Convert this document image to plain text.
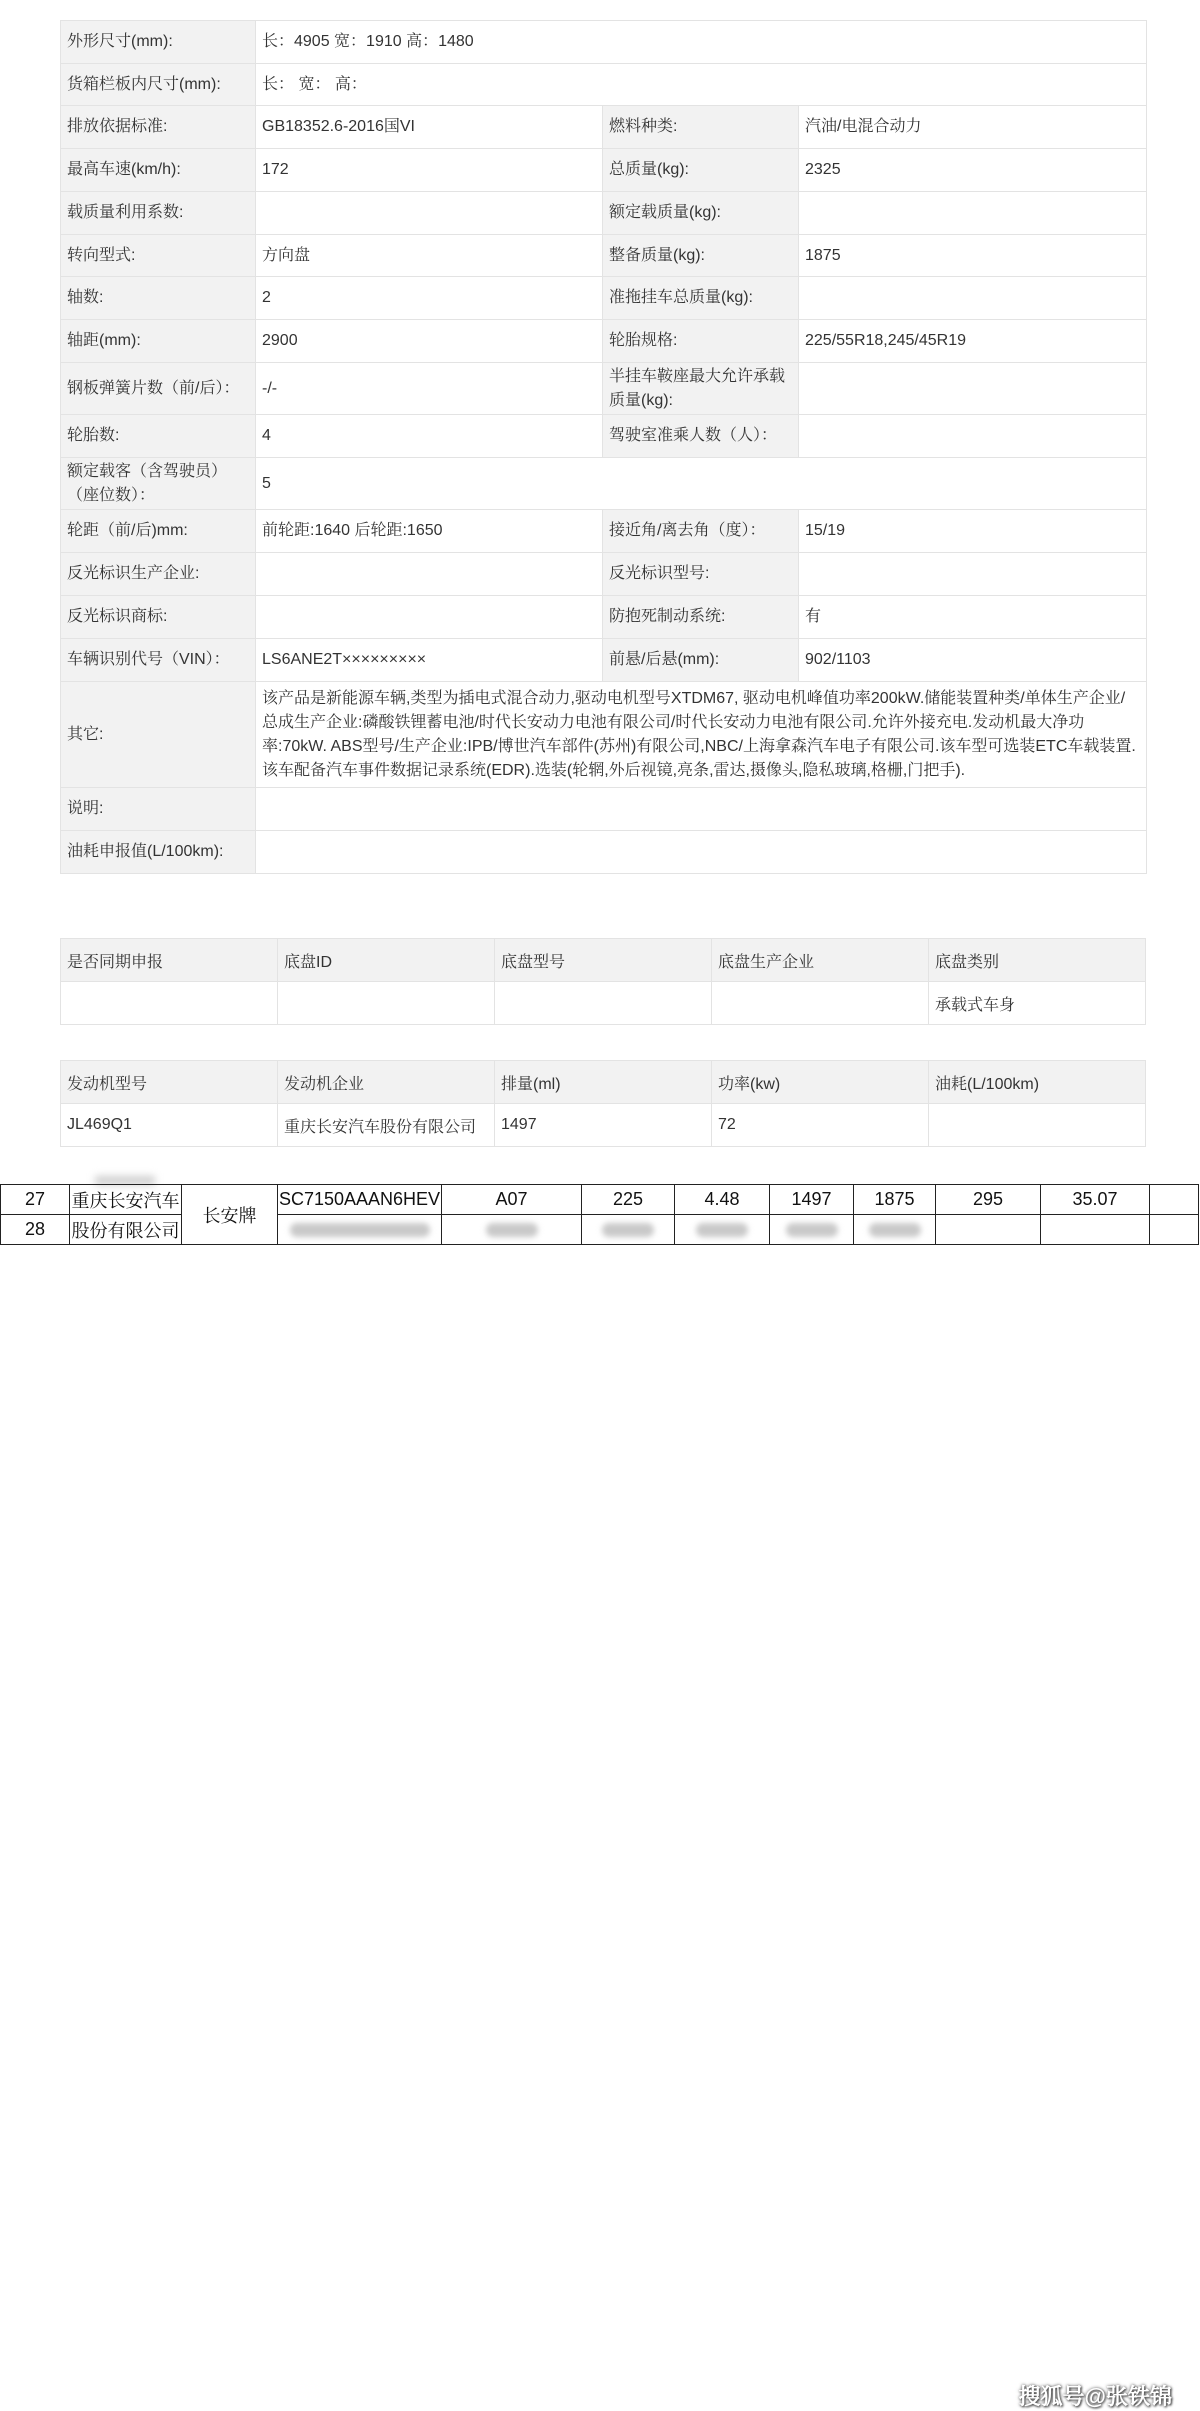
外形尺寸(mm):	长：4905 宽：1910 高：1480		
货箱栏板内尺寸(mm):	长： 宽： 高：		
排放依据标准:	GB18352.6-2016国VI	燃料种类:	汽油/电混合动力
最高车速(km/h):	172	总质量(kg):	2325
载质量利用系数:		额定载质量(kg):	
转向型式:	方向盘	整备质量(kg):	1875
轴数:	2	准拖挂车总质量(kg):	
轴距(mm):	2900	轮胎规格:	225/55R18,245/45R19
钢板弹簧片数（前/后）：	-/-	半挂车鞍座最大允许承载质量(kg):	
轮胎数:	4	驾驶室准乘人数（人）：	
额定载客（含驾驶员）（座位数）：	5		
轮距（前/后)mm:	前轮距:1640 后轮距:1650	接近角/离去角（度）：	15/19
反光标识生产企业:		反光标识型号:	
反光标识商标:		防抱死制动系统:	有
车辆识别代号（VIN）：	LS6ANE2T×××××××××	前悬/后悬(mm):	902/1103
其它:	该产品是新能源车辆,类型为插电式混合动力,驱动电机型号XTDM67, 驱动电机峰值功率200kW.储能装置种类/单体生产企业/总成生产企业:磷酸铁锂蓄电池/时代长安动力电池有限公司/时代长安动力电池有限公司.允许外接充电.发动机最大净功率:70kW. ABS型号/生产企业:IPB/博世汽车部件(苏州)有限公司,NBC/上海拿森汽车电子有限公司.该车型可选装ETC车载装置.该车配备汽车事件数据记录系统(EDR).选装(轮辋,外后视镜,亮条,雷达,摄像头,隐私玻璃,格栅,门把手).		
说明:			
油耗申报值(L/100km):			
是否同期申报	底盘ID	底盘型号	底盘生产企业	底盘类别
				承载式车身
发动机型号	发动机企业	排量(ml)	功率(kw)	油耗(L/100km)
JL469Q1	重庆长安汽车股份有限公司	1497	72	
27	重庆长安汽车	长安牌	SC7150AAAN6HEV	A07	225	4.48	1497	1875	295	35.07	
28	股份有限公司										
搜狐号@张铁锦
